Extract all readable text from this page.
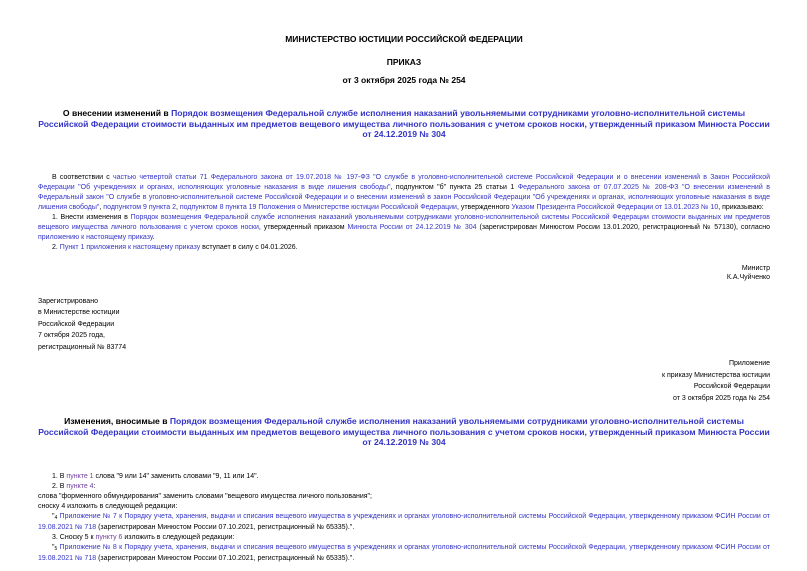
МИНИСТЕРСТВО ЮСТИЦИИ РОССИЙСКОЙ ФЕДЕРАЦИИ
ПРИКАЗ
от 3 октября 2025 года № 254
О внесении изменений в Порядок возмещения Федеральной службе исполнения наказаний увольняемыми сотрудниками уголовно-исполнительной системы Российской Федерации стоимости выданных им предметов вещевого имущества личного пользования с учетом сроков носки, утвержденный приказом Минюста России от 24.12.2019 № 304
В соответствии с частью четвертой статьи 71 Федерального закона от 19.07.2018 № 197-ФЗ "О службе в уголовно-исполнительной системе Российской Федерации и о внесении изменений в Закон Российской Федерации "Об учреждениях и органах, исполняющих уголовные наказания в виде лишения свободы", подпунктом "б" пункта 25 статьи 1 Федерального закона от 07.07.2025 № 208-ФЗ "О внесении изменений в Федеральный закон "О службе в уголовно-исполнительной системе Российской Федерации и о внесении изменений в закон Российской Федерации "Об учреждениях и органах, исполняющих уголовные наказания в виде лишения свободы", подпунктом 9 пункта 2, подпунктом 8 пункта 19 Положения о Министерстве юстиции Российской Федерации, утвержденного Указом Президента Российской Федерации от 13.01.2023 № 10, приказываю:
1. Внести изменения в Порядок возмещения Федеральной службе исполнения наказаний увольняемыми сотрудниками уголовно-исполнительной системы Российской Федерации стоимости выданных им предметов вещевого имущества личного пользования с учетом сроков носки, утвержденный приказом Минюста России от 24.12.2019 № 304 (зарегистрирован Минюстом России 13.01.2020, регистрационный № 57130), согласно приложению к настоящему приказу.
2. Пункт 1 приложения к настоящему приказу вступает в силу с 04.01.2026.
Министр
К.А.Чуйченко
Зарегистрировано
в Министерстве юстиции
Российской Федерации
7 октября 2025 года,
регистрационный № 83774
Приложение
к приказу Министерства юстиции
Российской Федерации
от 3 октября 2025 года № 254
Изменения, вносимые в Порядок возмещения Федеральной службе исполнения наказаний увольняемыми сотрудниками уголовно-исполнительной системы Российской Федерации стоимости выданных им предметов вещевого имущества личного пользования с учетом сроков носки, утвержденный приказом Минюста России от 24.12.2019 № 304
1. В пункте 1 слова "9 или 14" заменить словами "9, 11 или 14".
2. В пункте 4:
слова "форменного обмундирования" заменить словами "вещевого имущества личного пользования";
сноску 4 изложить в следующей редакции:
"4 Приложение № 7 к Порядку учета, хранения, выдачи и списания вещевого имущества в учреждениях и органах уголовно-исполнительной системы Российской Федерации, утвержденному приказом ФСИН России от 19.08.2021 № 718 (зарегистрирован Минюстом России 07.10.2021, регистрационный № 65335).".
3. Сноску 5 к пункту 6 изложить в следующей редакции:
"5 Приложение № 8 к Порядку учета, хранения, выдачи и списания вещевого имущества в учреждениях и органах уголовно-исполнительной системы Российской Федерации, утвержденному приказом ФСИН России от 19.08.2021 № 718 (зарегистрирован Минюстом России 07.10.2021, регистрационный № 65335).".
